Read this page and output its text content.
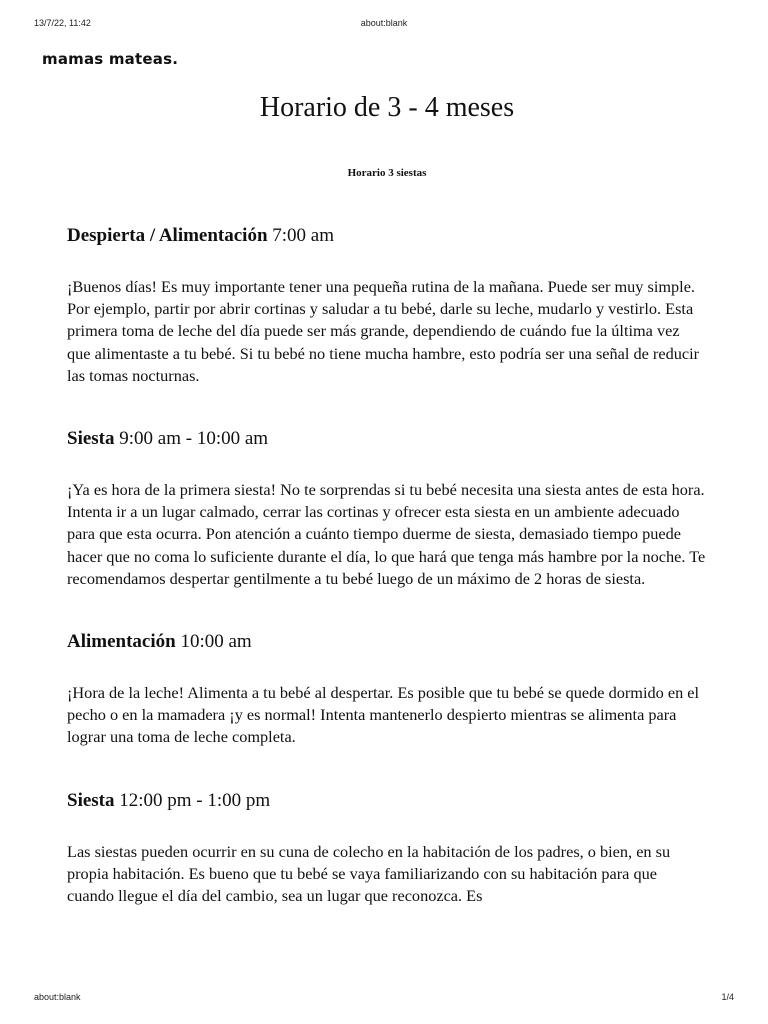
13/7/22, 11:42	about:blank
mamas mateas.
Horario de 3 - 4 meses

Horario 3 siestas

Despierta / Alimentación 7:00 am

¡Buenos días! Es muy importante tener una pequeña rutina de la mañana. Puede ser muy simple. Por ejemplo, partir por abrir cortinas y saludar a tu bebé, darle su leche, mudarlo y vestirlo. Esta primera toma de leche del día puede ser más grande, dependiendo de cuándo fue la última vez que alimentaste a tu bebé. Si tu bebé no tiene mucha hambre, esto podría ser una señal de reducir las tomas nocturnas.

Siesta 9:00 am - 10:00 am

¡Ya es hora de la primera siesta! No te sorprendas si tu bebé necesita una siesta antes de esta hora. Intenta ir a un lugar calmado, cerrar las cortinas y ofrecer esta siesta en un ambiente adecuado para que esta ocurra. Pon atención a cuánto tiempo duerme de siesta, demasiado tiempo puede hacer que no coma lo suficiente durante el día, lo que hará que tenga más hambre por la noche. Te recomendamos despertar gentilmente a tu bebé luego de un máximo de 2 horas de siesta.

Alimentación 10:00 am

¡Hora de la leche! Alimenta a tu bebé al despertar. Es posible que tu bebé se quede dormido en el pecho o en la mamadera ¡y es normal! Intenta mantenerlo despierto mientras se alimenta para lograr una toma de leche completa.

Siesta 12:00 pm - 1:00 pm

Las siestas pueden ocurrir en su cuna de colecho en la habitación de los padres, o bien, en su propia habitación. Es bueno que tu bebé se vaya familiarizando con su habitación para que cuando llegue el día del cambio, sea un lugar que reconozca. Es

about:blank	1/4
